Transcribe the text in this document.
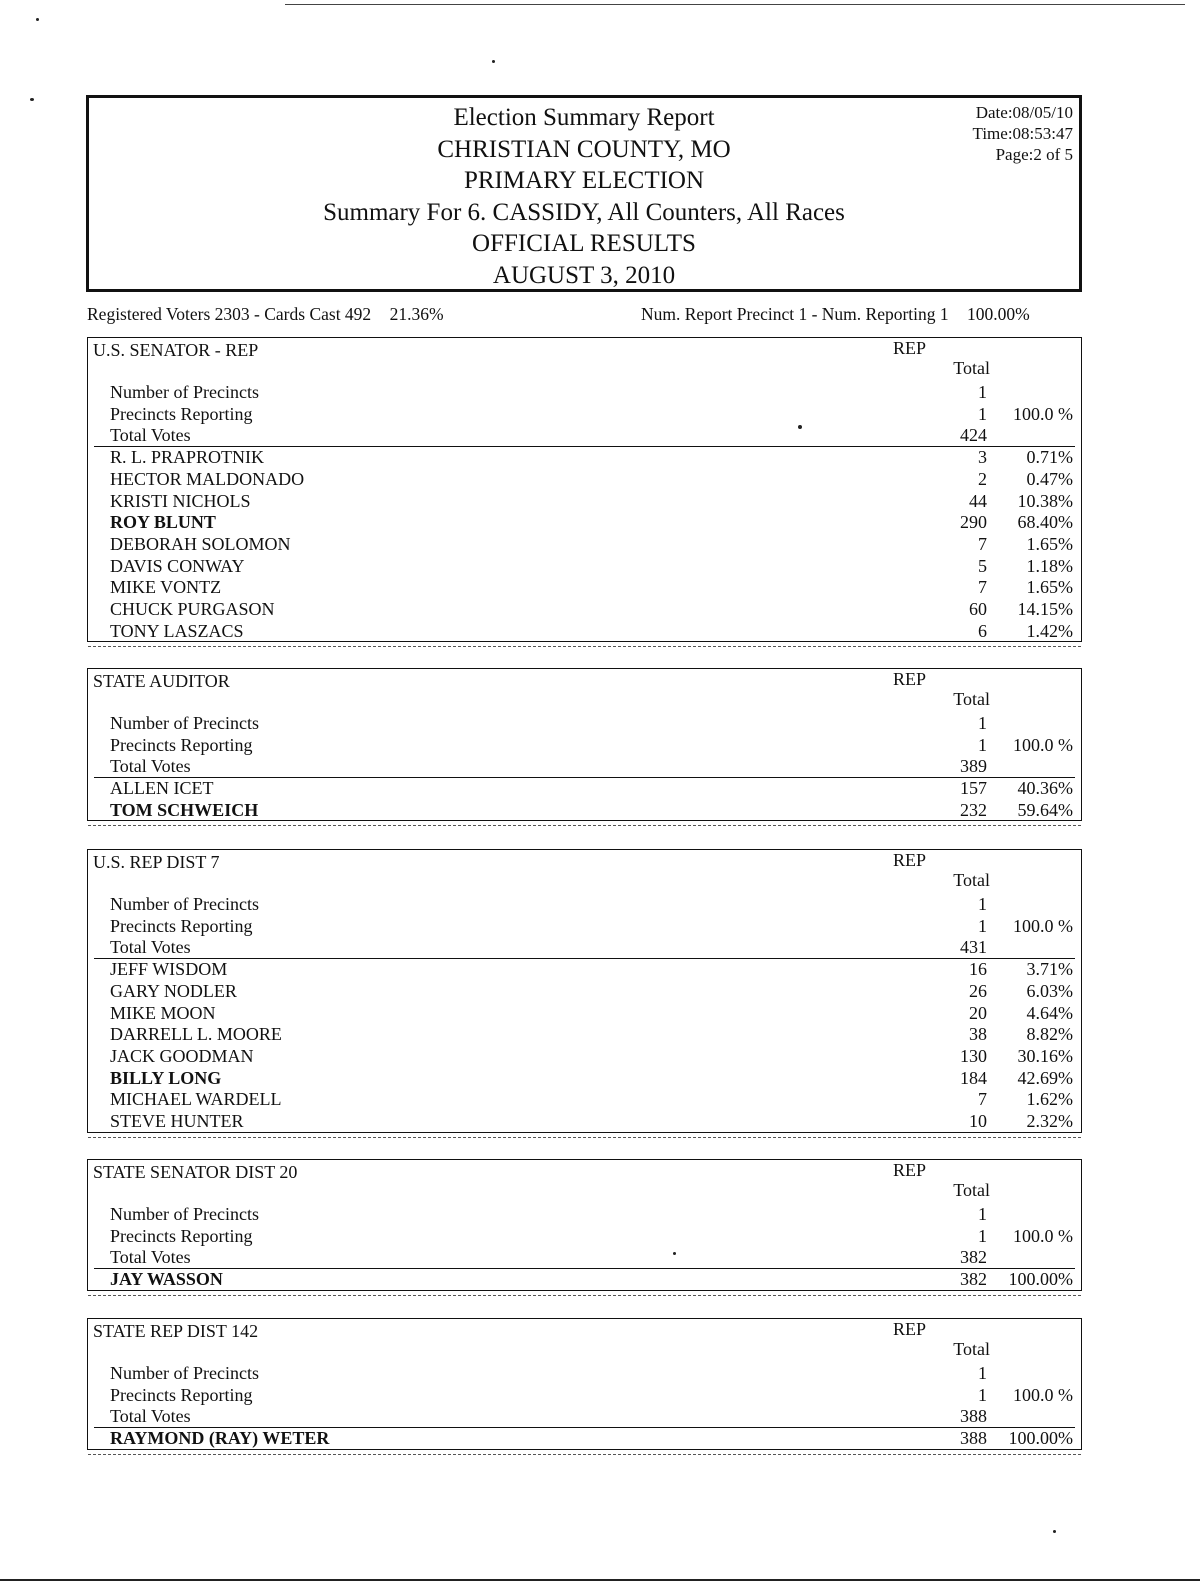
Election Summary Report
CHRISTIAN COUNTY, MO
PRIMARY ELECTION
Summary For 6. CASSIDY, All Counters, All Races
OFFICIAL RESULTS
AUGUST 3, 2010
Date:08/05/10
Time:08:53:47
Page:2 of 5
Registered Voters 2303 - Cards Cast 492 21.36%	Num. Report Precinct 1 - Num. Reporting 1 100.00%
U.S. SENATOR - REP	REP
Total
Number of Precincts	1
Precincts Reporting	1 100.0 %
Total Votes	424
R. L. PRAPROTNIK	3 0.71%
HECTOR MALDONADO	2 0.47%
KRISTI NICHOLS	44 10.38%
ROY BLUNT	290 68.40%
DEBORAH SOLOMON	7 1.65%
DAVIS CONWAY	5 1.18%
MIKE VONTZ	7 1.65%
CHUCK PURGASON	60 14.15%
TONY LASZACS	6 1.42%
STATE AUDITOR	REP
Total
Number of Precincts	1
Precincts Reporting	1 100.0 %
Total Votes	389
ALLEN ICET	157 40.36%
TOM SCHWEICH	232 59.64%
U.S. REP DIST 7	REP
Total
Number of Precincts	1
Precincts Reporting	1 100.0 %
Total Votes	431
JEFF WISDOM	16 3.71%
GARY NODLER	26 6.03%
MIKE MOON	20 4.64%
DARRELL L. MOORE	38 8.82%
JACK GOODMAN	130 30.16%
BILLY LONG	184 42.69%
MICHAEL WARDELL	7 1.62%
STEVE HUNTER	10 2.32%
STATE SENATOR DIST 20	REP
Total
Number of Precincts	1
Precincts Reporting	1 100.0 %
Total Votes	382
JAY WASSON	382 100.00%
STATE REP DIST 142	REP
Total
Number of Precincts	1
Precincts Reporting	1 100.0 %
Total Votes	388
RAYMOND (RAY) WETER	388 100.00%
